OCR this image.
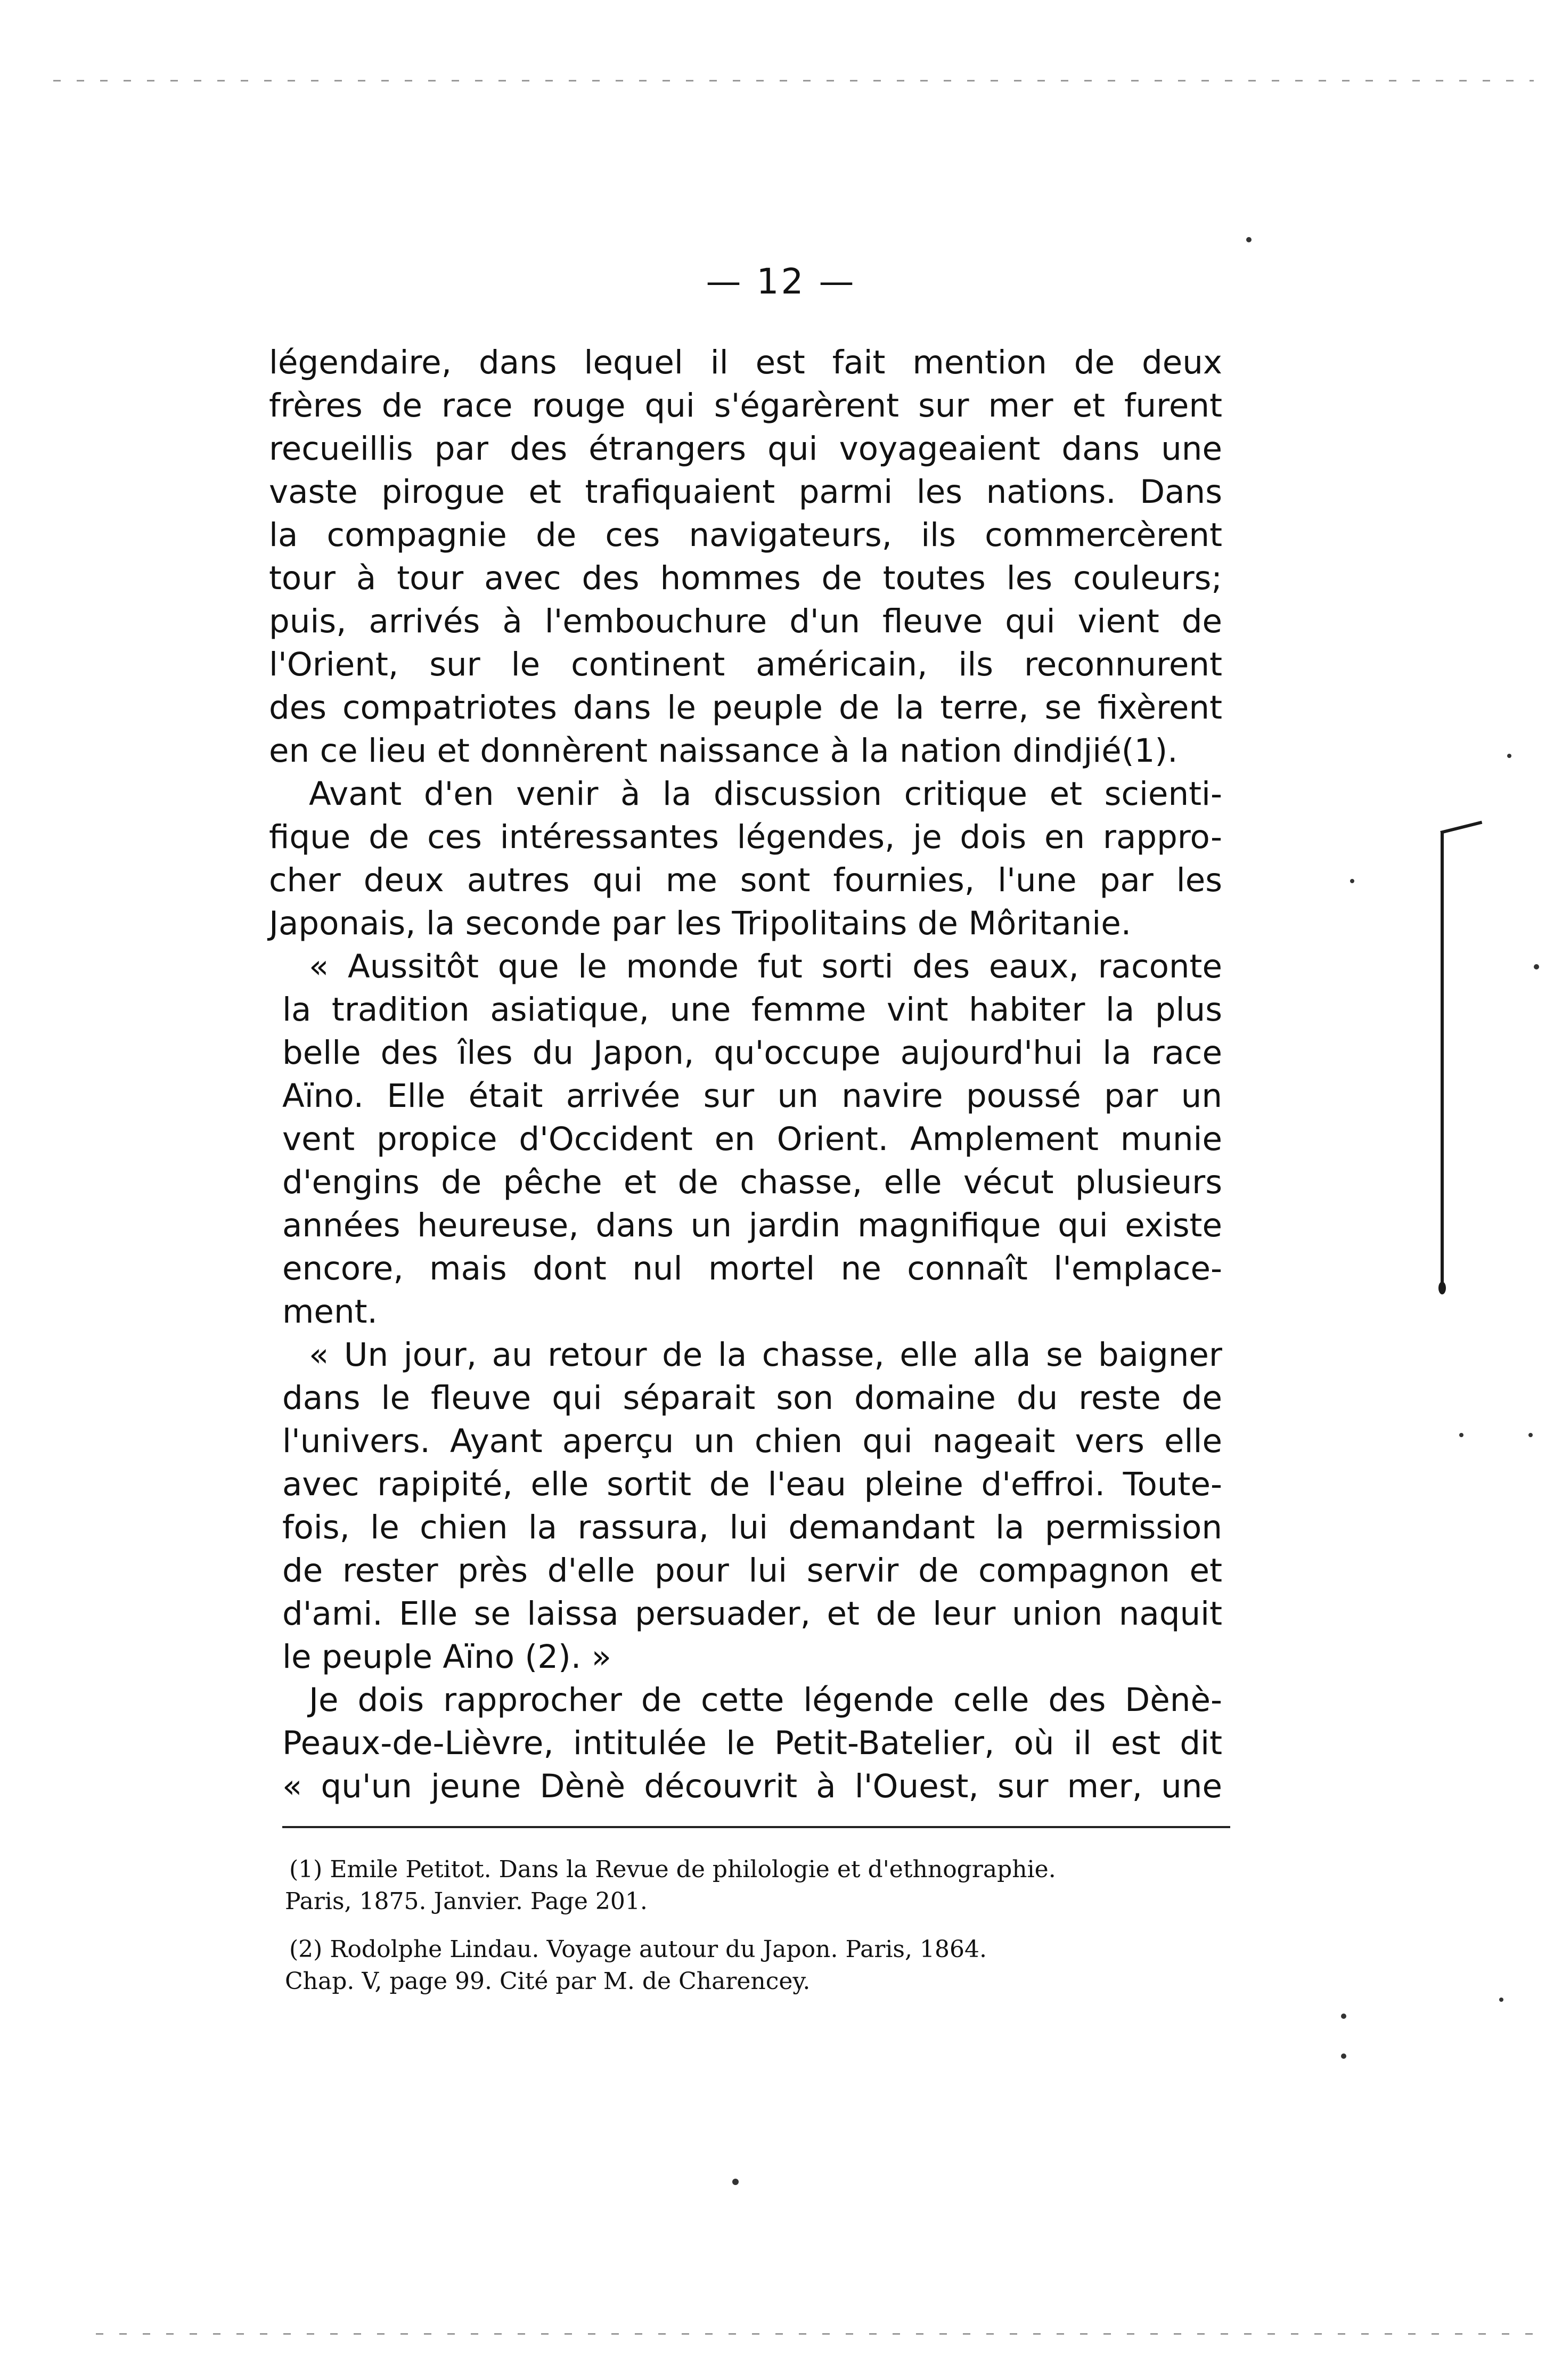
— 12 —
légendaire, dans lequel il est fait mention de deux
frères de race rouge qui s'égarèrent sur mer et furent
recueillis par des étrangers qui voyageaient dans une
vaste pirogue et trafiquaient parmi les nations. Dans
la compagnie de ces navigateurs, ils commercèrent
tour à tour avec des hommes de toutes les couleurs;
puis, arrivés à l'embouchure d'un fleuve qui vient de
l'Orient, sur le continent américain, ils reconnurent
des compatriotes dans le peuple de la terre, se fixèrent
en ce lieu et donnèrent naissance à la nation dindjié(1).
Avant d'en venir à la discussion critique et scienti-
fique de ces intéressantes légendes, je dois en rappro-
cher deux autres qui me sont fournies, l'une par les
Japonais, la seconde par les Tripolitains de Môritanie.
« Aussitôt que le monde fut sorti des eaux, raconte
la tradition asiatique, une femme vint habiter la plus
belle des îles du Japon, qu'occupe aujourd'hui la race
Aïno. Elle était arrivée sur un navire poussé par un
vent propice d'Occident en Orient. Amplement munie
d'engins de pêche et de chasse, elle vécut plusieurs
années heureuse, dans un jardin magnifique qui existe
encore, mais dont nul mortel ne connaît l'emplace-
ment.
« Un jour, au retour de la chasse, elle alla se baigner
dans le fleuve qui séparait son domaine du reste de
l'univers. Ayant aperçu un chien qui nageait vers elle
avec rapipité, elle sortit de l'eau pleine d'effroi. Toute-
fois, le chien la rassura, lui demandant la permission
de rester près d'elle pour lui servir de compagnon et
d'ami. Elle se laissa persuader, et de leur union naquit
le peuple Aïno (2). »
Je dois rapprocher de cette légende celle des Dènè-
Peaux-de-Lièvre, intitulée le Petit-Batelier, où il est dit
« qu'un jeune Dènè découvrit à l'Ouest, sur mer, une
(1) Emile Petitot. Dans la Revue de philologie et d'ethnographie.
Paris, 1875. Janvier. Page 201.
(2) Rodolphe Lindau. Voyage autour du Japon. Paris, 1864.
Chap. V, page 99. Cité par M. de Charencey.
